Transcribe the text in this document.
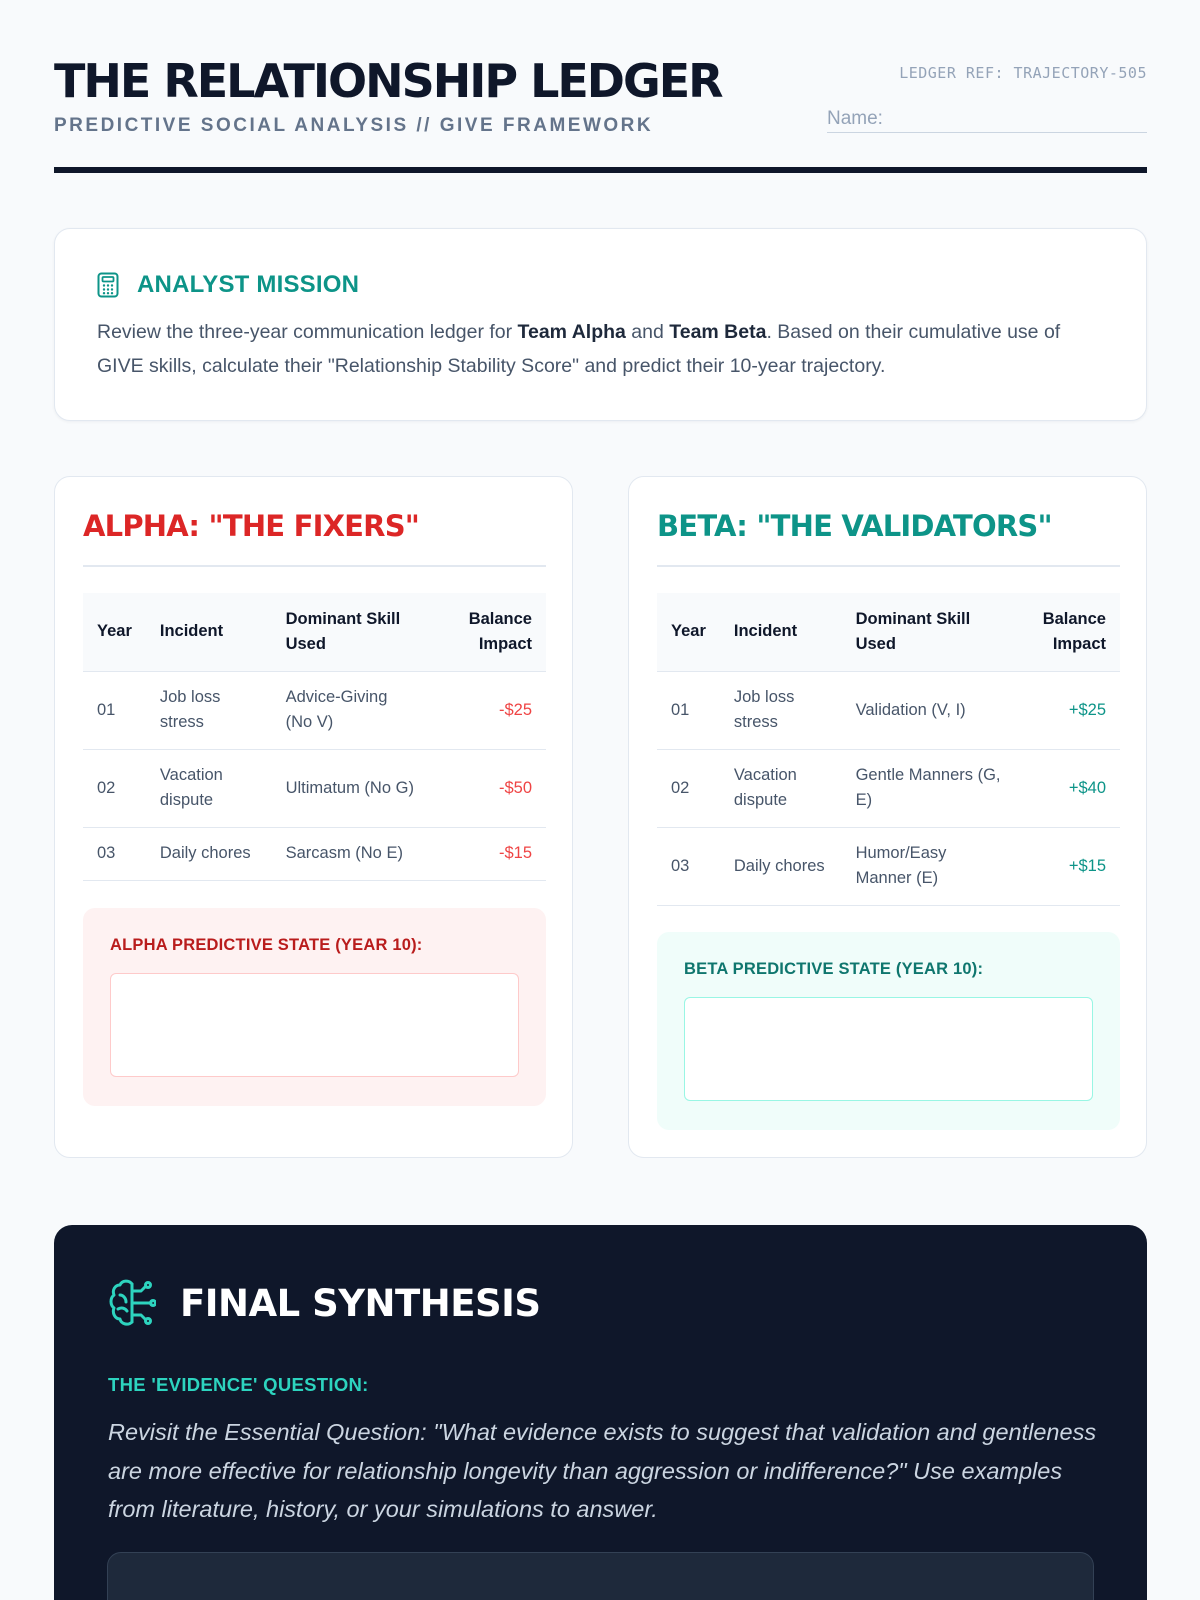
THE RELATIONSHIP LEDGER
PREDICTIVE SOCIAL ANALYSIS // GIVE FRAMEWORK
LEDGER REF: TRAJECTORY-505
Name:
ANALYST MISSION

Review the three-year communication ledger for Team Alpha and Team Beta. Based on their cumulative use of GIVE skills, calculate their "Relationship Stability Score" and predict their 10-year trajectory.

ALPHA: "THE FIXERS"
Year	Incident	Dominant Skill Used	Balance Impact
01	Job loss stress	Advice-Giving (No V)	-$25
02	Vacation dispute	Ultimatum (No G)	-$50
03	Daily chores	Sarcasm (No E)	-$15
ALPHA PREDICTIVE STATE (YEAR 10):
BETA: "THE VALIDATORS"
Year	Incident	Dominant Skill Used	Balance Impact
01	Job loss stress	Validation (V, I)	+$25
02	Vacation dispute	Gentle Manners (G, E)	+$40
03	Daily chores	Humor/Easy Manner (E)	+$15
BETA PREDICTIVE STATE (YEAR 10):
FINAL SYNTHESIS
THE 'EVIDENCE' QUESTION:

Revisit the Essential Question: "What evidence exists to suggest that validation and gentleness are more effective for relationship longevity than aggression or indifference?" Use examples from literature, history, or your simulations to answer.
